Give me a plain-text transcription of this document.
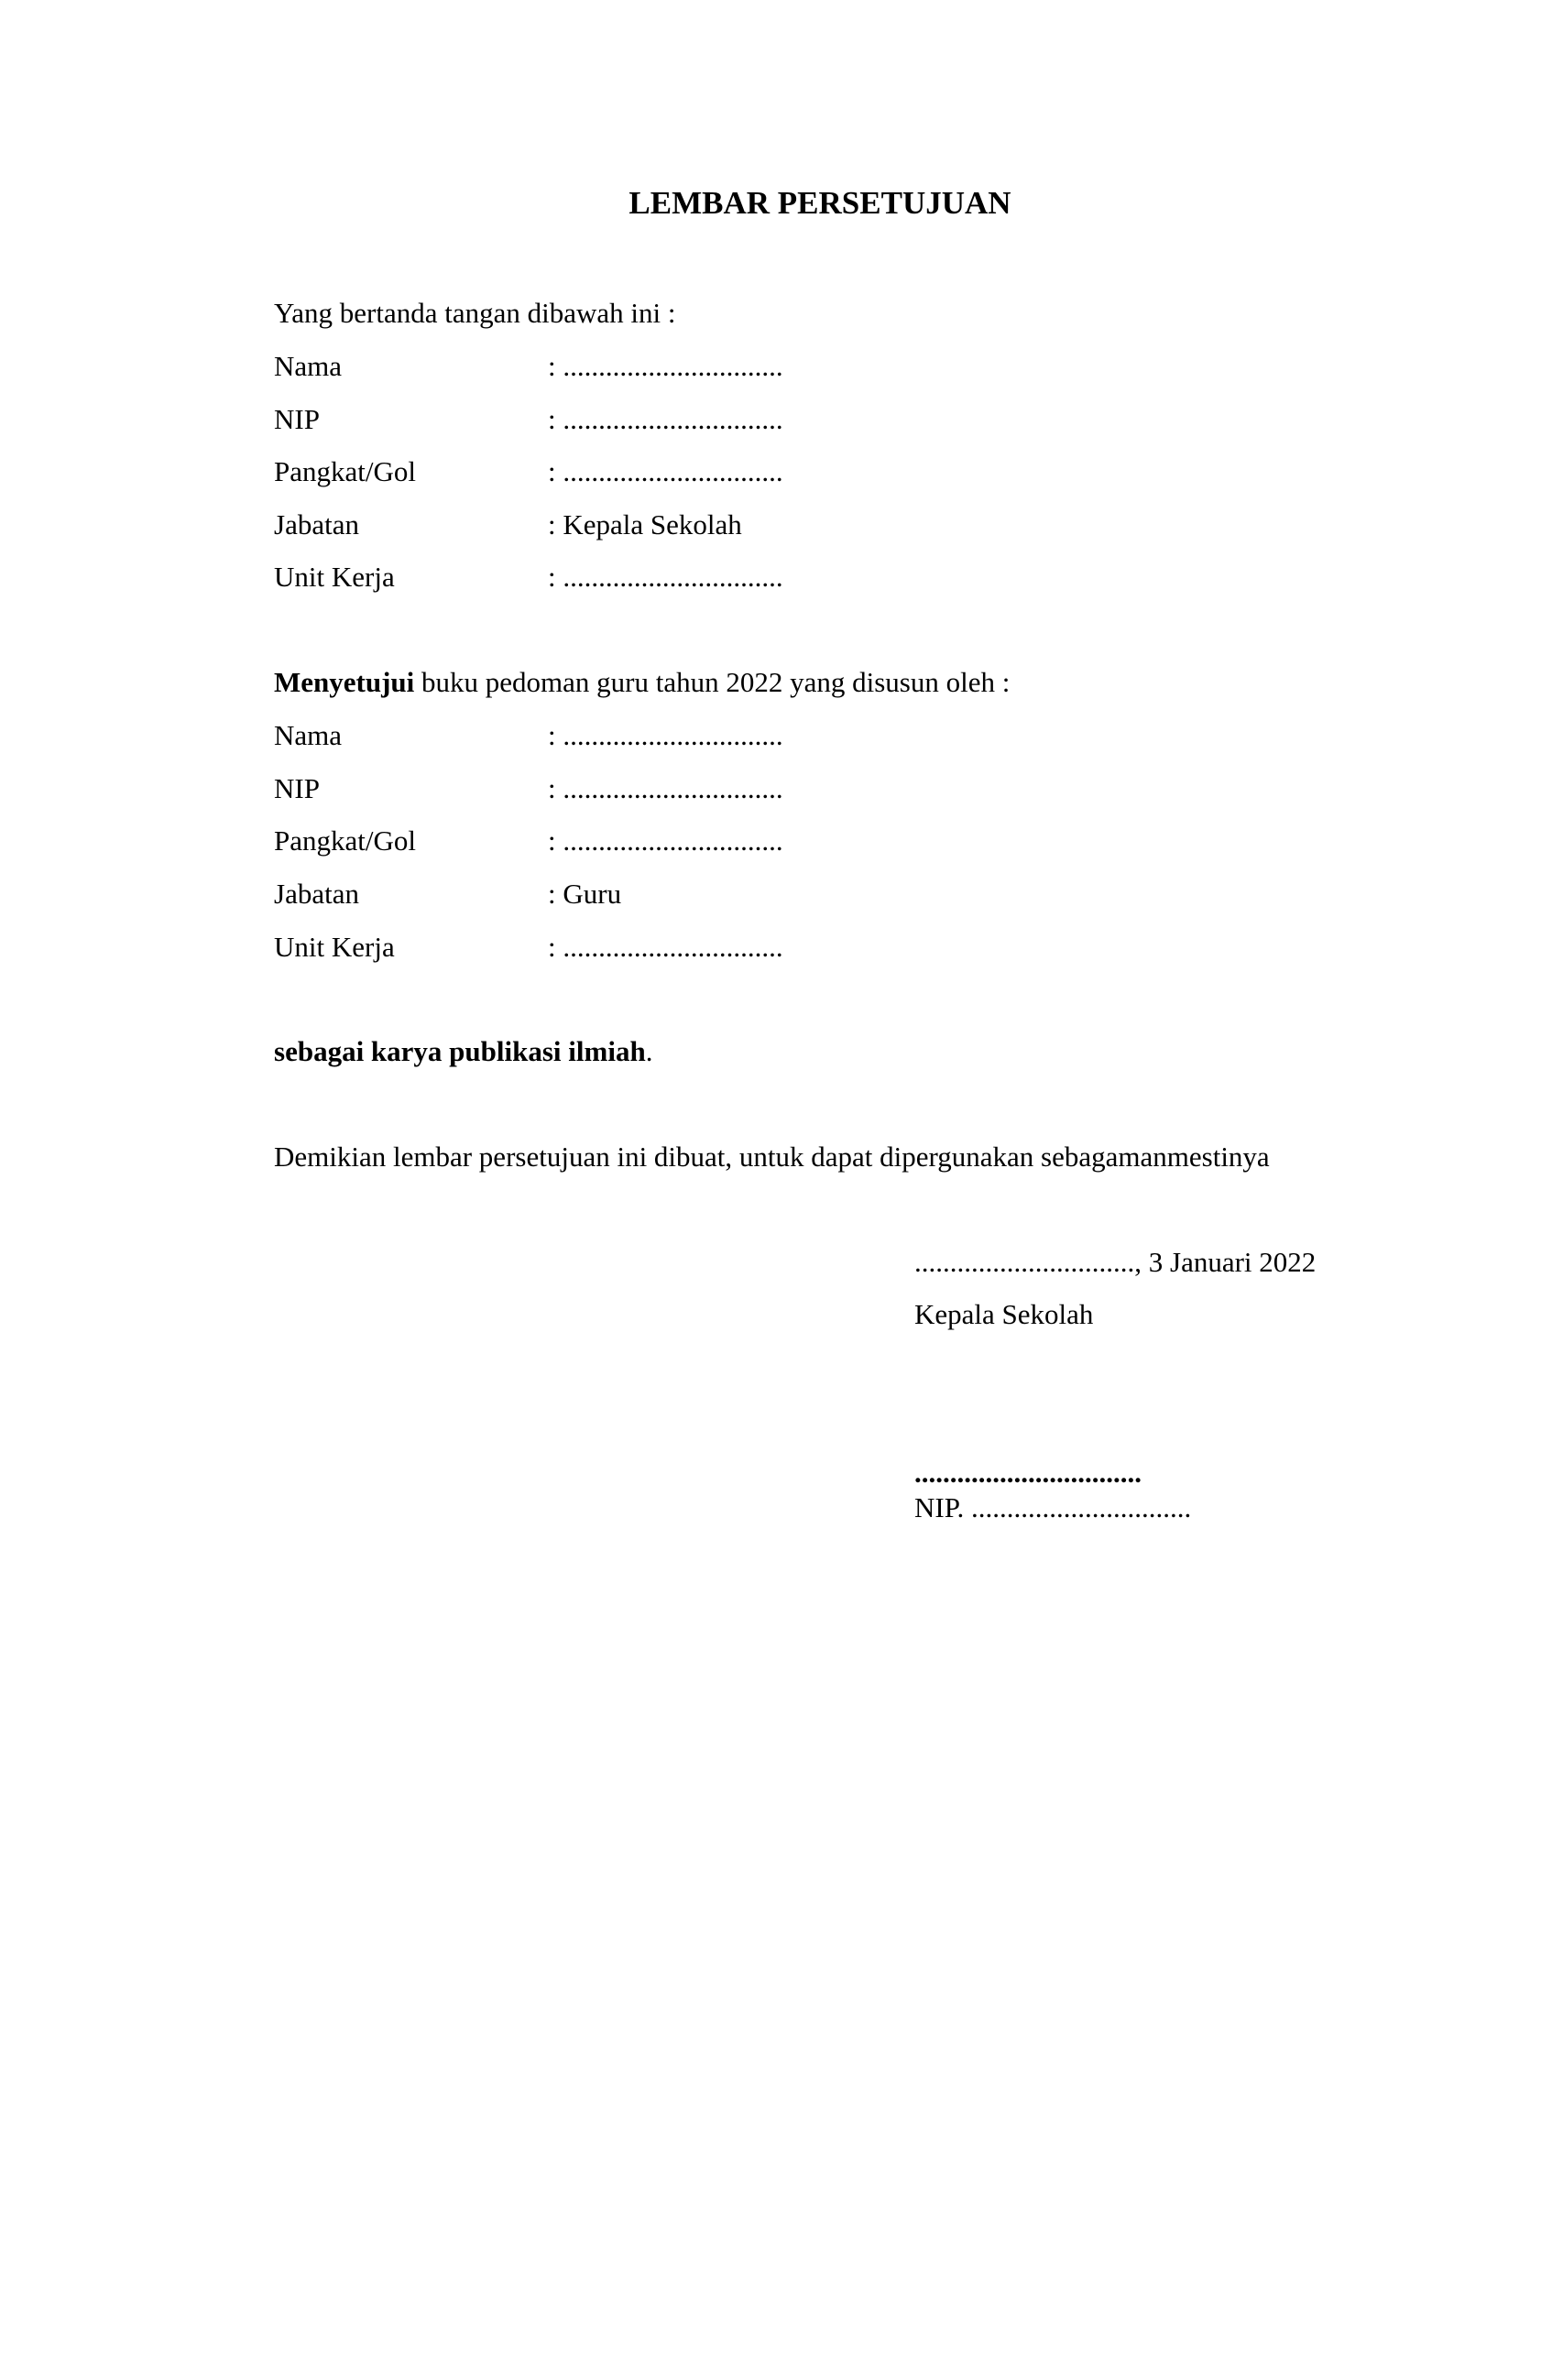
LEMBAR PERSETUJUAN
Yang bertanda tangan dibawah ini :
Nama	: ...............................
NIP	: ...............................
Pangkat/Gol	: ...............................
Jabatan	: Kepala Sekolah
Unit Kerja	: ...............................
Menyetujui buku pedoman guru tahun 2022 yang disusun oleh :
Nama	: ...............................
NIP	: ...............................
Pangkat/Gol	: ...............................
Jabatan	: Guru
Unit Kerja	: ...............................
sebagai karya publikasi ilmiah.
Demikian lembar persetujuan ini dibuat, untuk dapat dipergunakan sebagamanmestinya
..............................., 3 Januari 2022
Kepala Sekolah
................................
NIP. ...............................
